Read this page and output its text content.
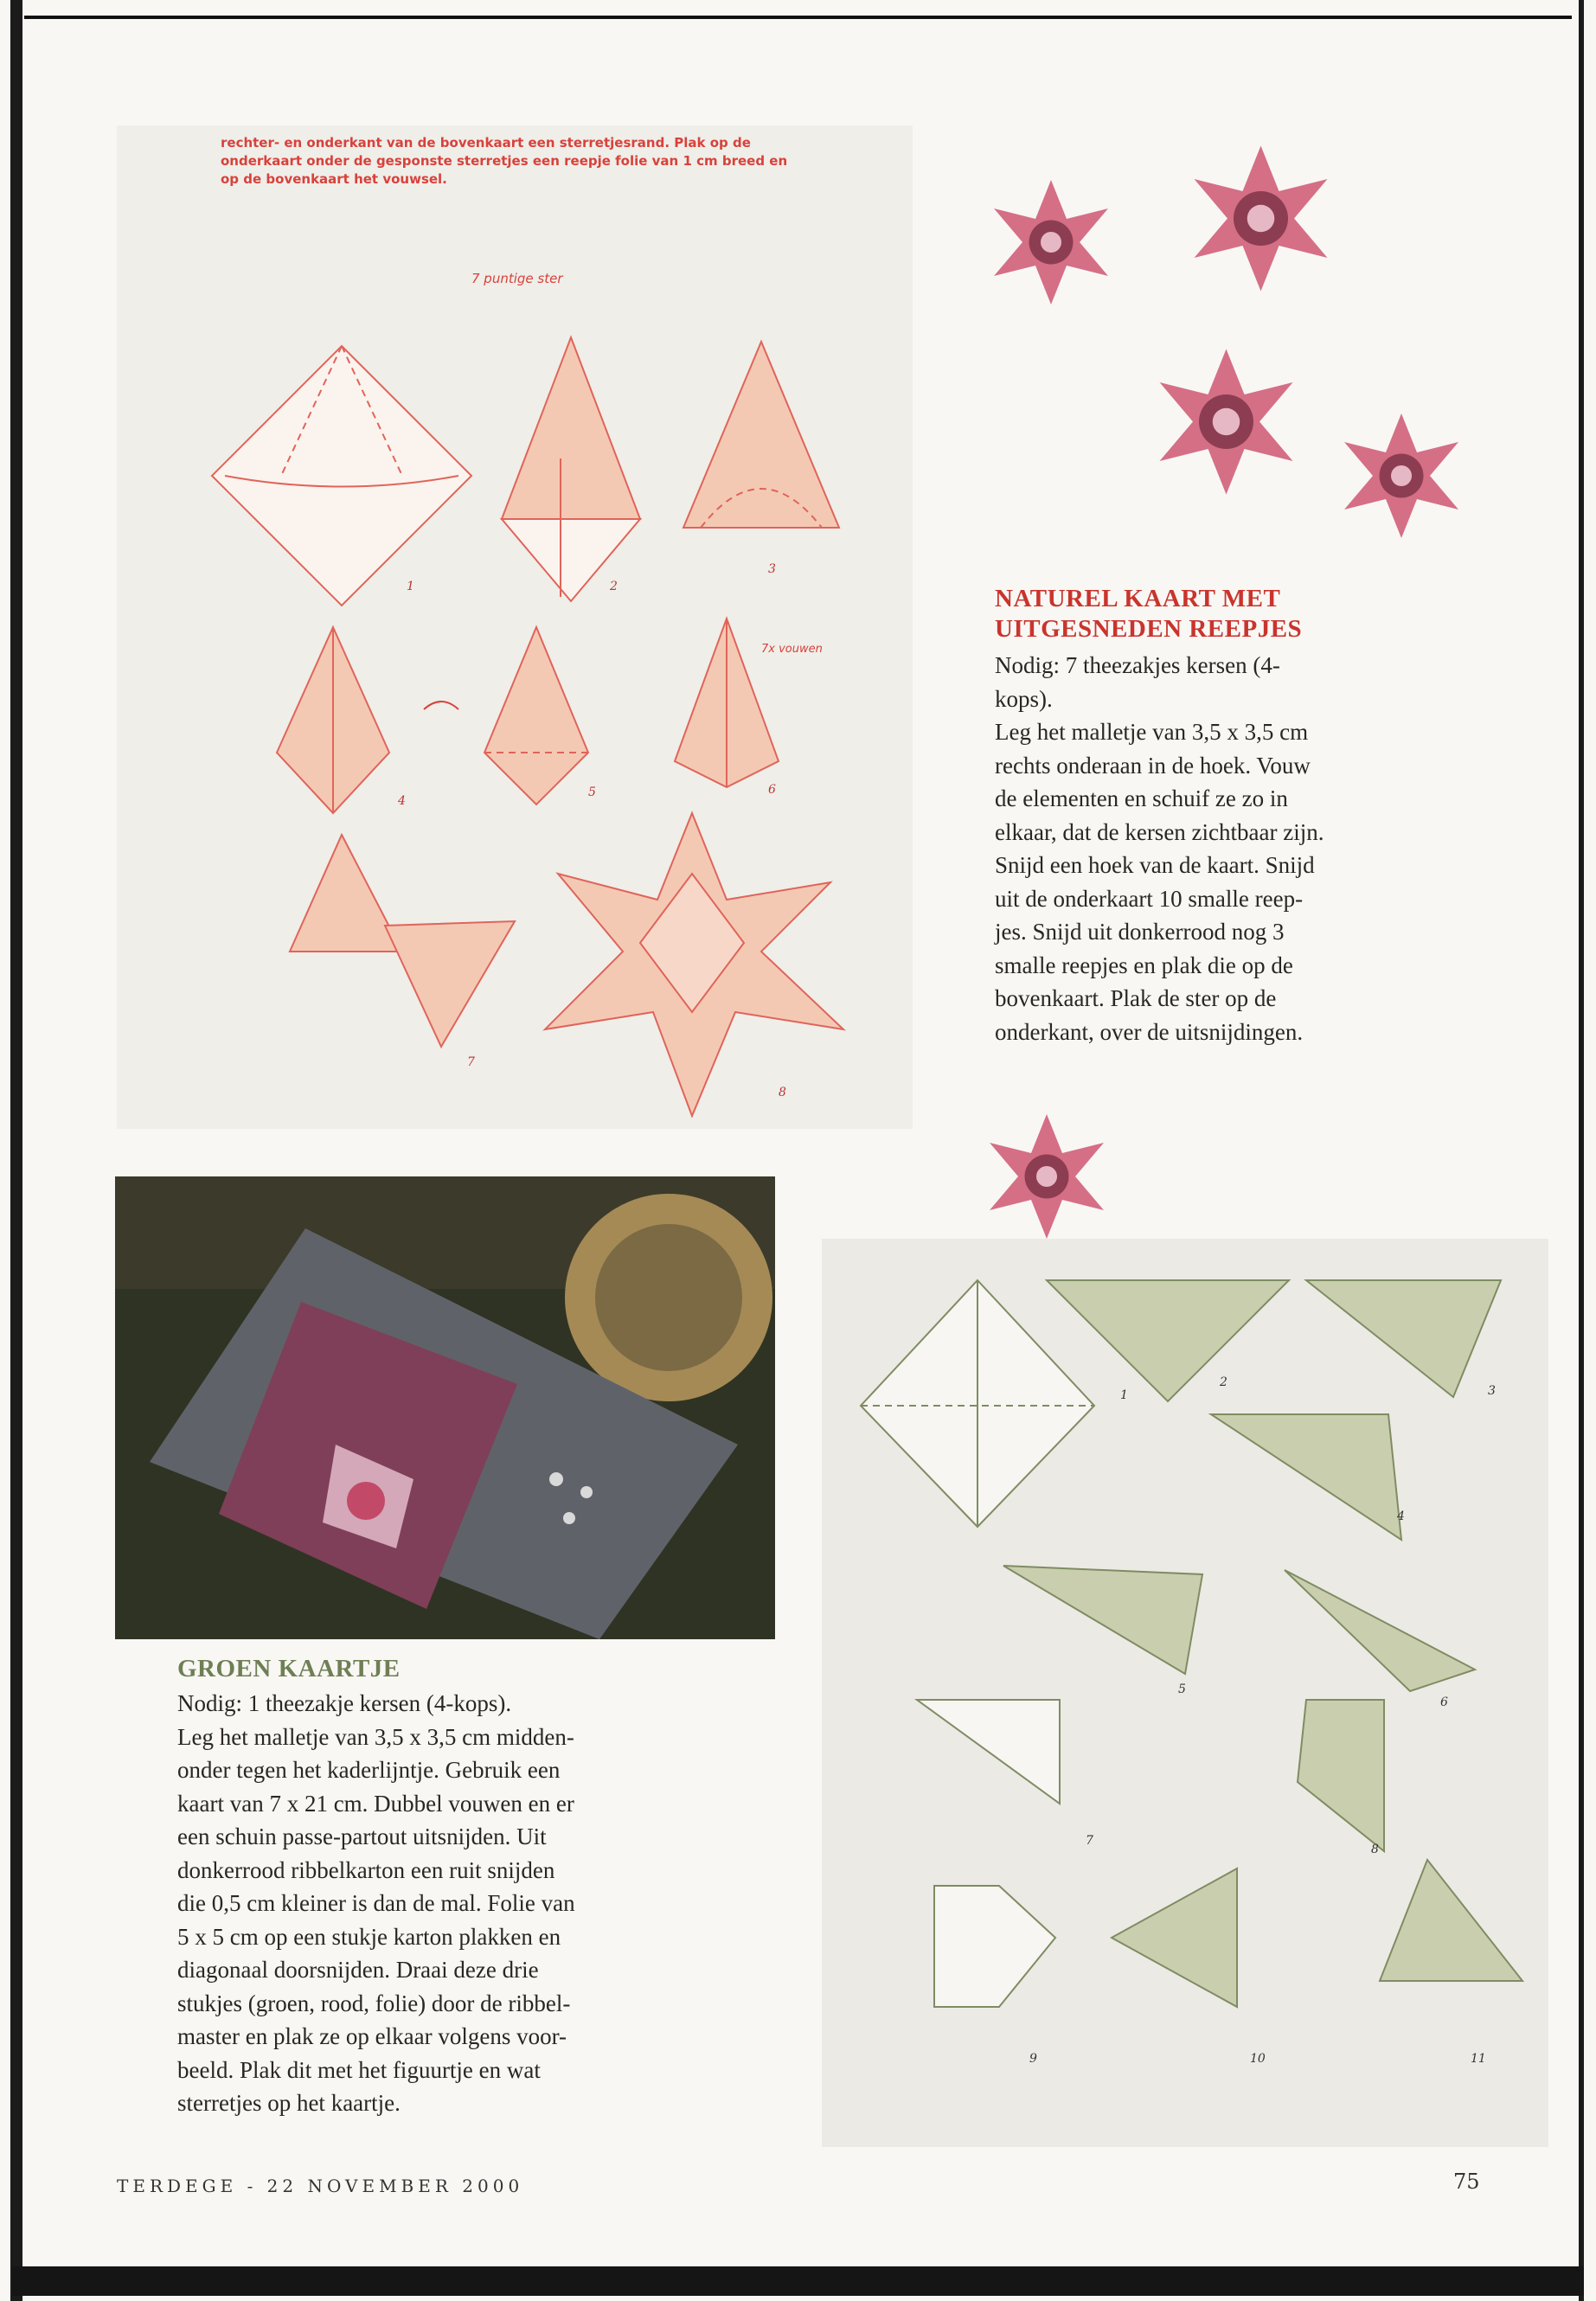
rechter- en onderkant van de bovenkaart een sterretjesrand. Plak op de onderkaart onder de gesponste sterretjes een reepje folie van 1 cm breed en op de bovenkaart het vouwsel.
7 puntige ster
7x vouwen
1	2
3
4
5	6
7
8
NATUREL KAART MET
UITGESNEDEN REEPJES
Nodig: 7 theezakjes kersen (4-
kops).
Leg het malletje van 3,5 x 3,5 cm
rechts onderaan in de hoek. Vouw
de elementen en schuif ze zo in
elkaar, dat de kersen zichtbaar zijn.
Snijd een hoek van de kaart. Snijd
uit de onderkaart 10 smalle reep-
jes. Snijd uit donkerrood nog 3
smalle reepjes en plak die op de
bovenkaart. Plak de ster op de
onderkant, over de uitsnijdingen.
GROEN KAARTJE
Nodig: 1 theezakje kersen (4-kops).
Leg het malletje van 3,5 x 3,5 cm midden-
onder tegen het kaderlijntje. Gebruik een
kaart van 7 x 21 cm. Dubbel vouwen en er
een schuin passe-partout uitsnijden. Uit
donkerrood ribbelkarton een ruit snijden
die 0,5 cm kleiner is dan de mal. Folie van
5 x 5 cm op een stukje karton plakken en
diagonaal doorsnijden. Draai deze drie
stukjes (groen, rood, folie) door de ribbel-
master en plak ze op elkaar volgens voor-
beeld. Plak dit met het figuurtje en wat
sterretjes op het kaartje.
1
2
3
4
5
6
7
8
9	10	11
TERDEGE - 22 NOVEMBER 2000	75
